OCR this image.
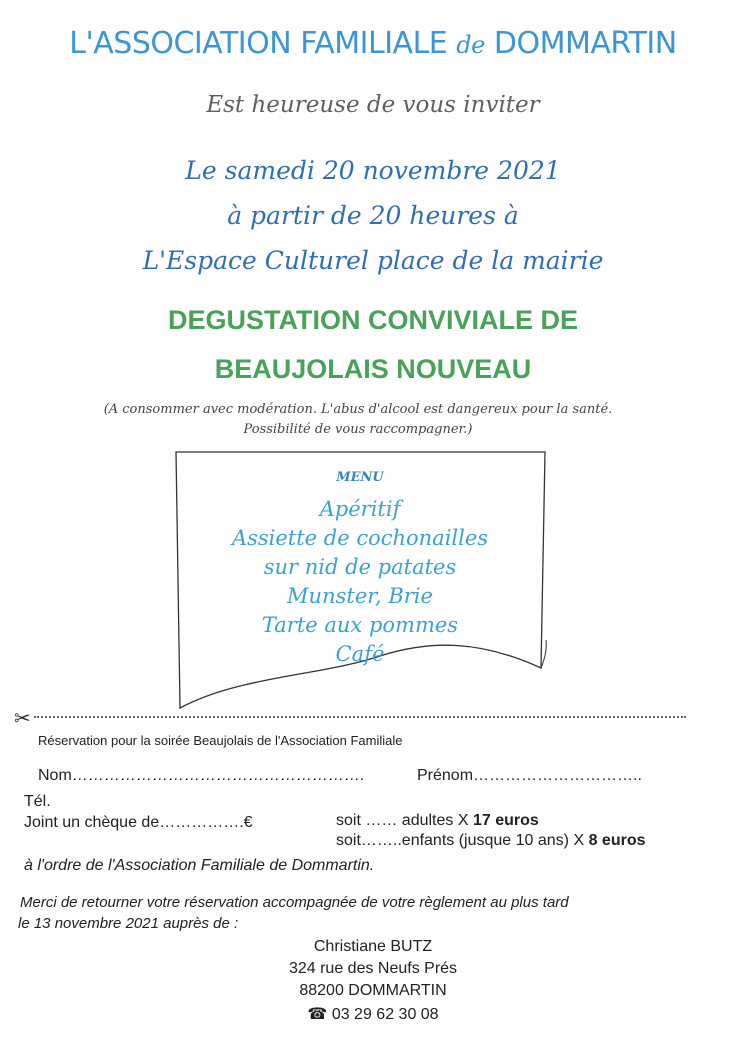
L'ASSOCIATION FAMILIALE de DOMMARTIN
Est heureuse de vous inviter
Le samedi 20 novembre 2021
à partir de 20 heures à
L'Espace Culturel place de la mairie
DEGUSTATION CONVIVIALE DE
BEAUJOLAIS NOUVEAU
(A consommer avec modération. L'abus d'alcool est dangereux pour la santé.
Possibilité de vous raccompagner.)
MENU
Apéritif
Assiette de cochonailles
sur nid de patates
Munster, Brie
Tarte aux pommes
Café
✂
Réservation pour la soirée Beaujolais de l'Association Familiale
Nom……………………………………………….	Prénom…………………………..
Tél.
Joint un chèque de…………….€	soit …… adultes X 17 euros
soit……..enfants (jusque 10 ans) X 8 euros
à l'ordre de l'Association Familiale de Dommartin.
Merci de retourner votre réservation accompagnée de votre règlement au plus tard
le 13 novembre 2021 auprès de :
Christiane BUTZ
324 rue des Neufs Prés
88200 DOMMARTIN
☎ 03 29 62 30 08
